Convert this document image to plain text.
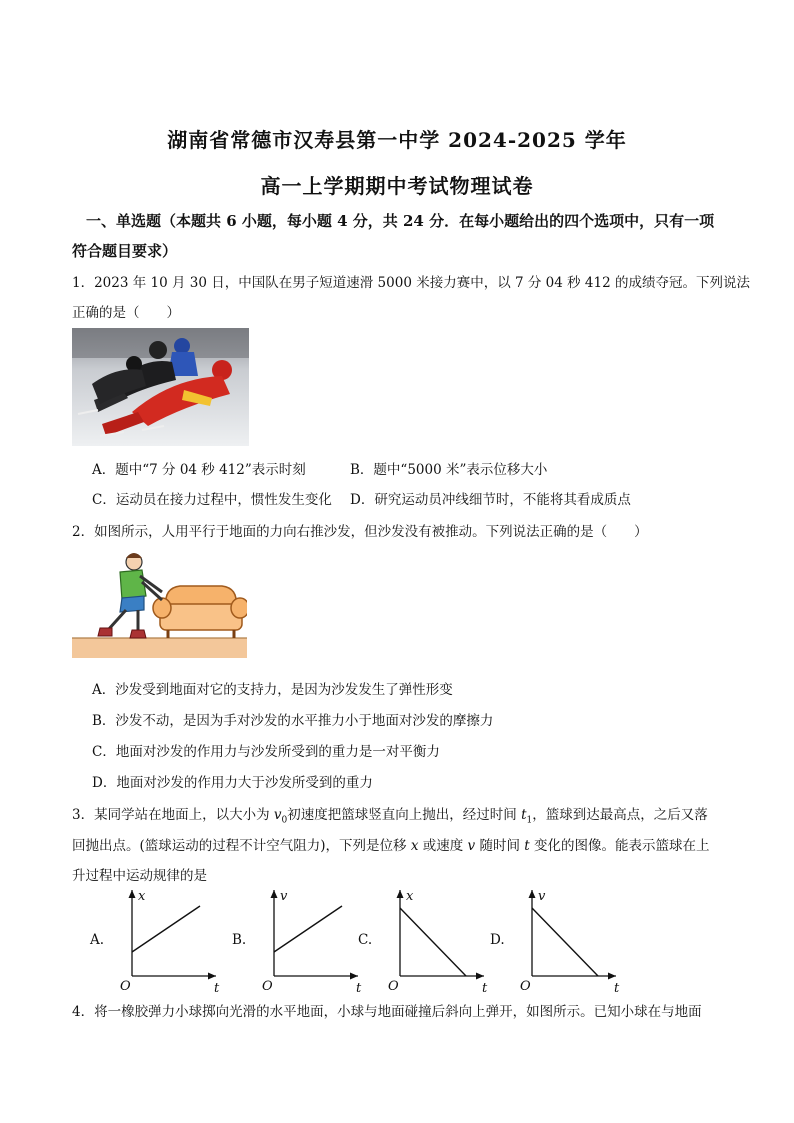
湖南省常德市汉寿县第一中学 2024-2025 学年
高一上学期期中考试物理试卷
一、单选题（本题共 6 小题，每小题 4 分，共 24 分．在每小题给出的四个选项中，只有一项
符合题目要求）
1．2023 年 10 月 30 日，中国队在男子短道速滑 5000 米接力赛中，以 7 分 04 秒 412 的成绩夺冠。下列说法
正确的是（　　）
A．题中“7 分 04 秒 412”表示时刻	B．题中“5000 米”表示位移大小
C．运动员在接力过程中，惯性发生变化 D．研究运动员冲线细节时，不能将其看成质点
2．如图所示，人用平行于地面的力向右推沙发，但沙发没有被推动。下列说法正确的是（　　）
A．沙发受到地面对它的支持力，是因为沙发发生了弹性形变
B．沙发不动，是因为手对沙发的水平推力小于地面对沙发的摩擦力
C．地面对沙发的作用力与沙发所受到的重力是一对平衡力
D．地面对沙发的作用力大于沙发所受到的重力
3．某同学站在地面上，以大小为 $v_0$初速度把篮球竖直向上抛出，经过时间 $t_1$，篮球到达最高点，之后又落
回抛出点。(篮球运动的过程不计空气阻力)，下列是位移 x 或速度 v 随时间 t 变化的图像。能表示篮球在上
升过程中运动规律的是
A.
x
t
O
B.
v
t
O
C.
x
t
O
D.
v
t
O
4．将一橡胶弹力小球掷向光滑的水平地面，小球与地面碰撞后斜向上弹开，如图所示。已知小球在与地面
